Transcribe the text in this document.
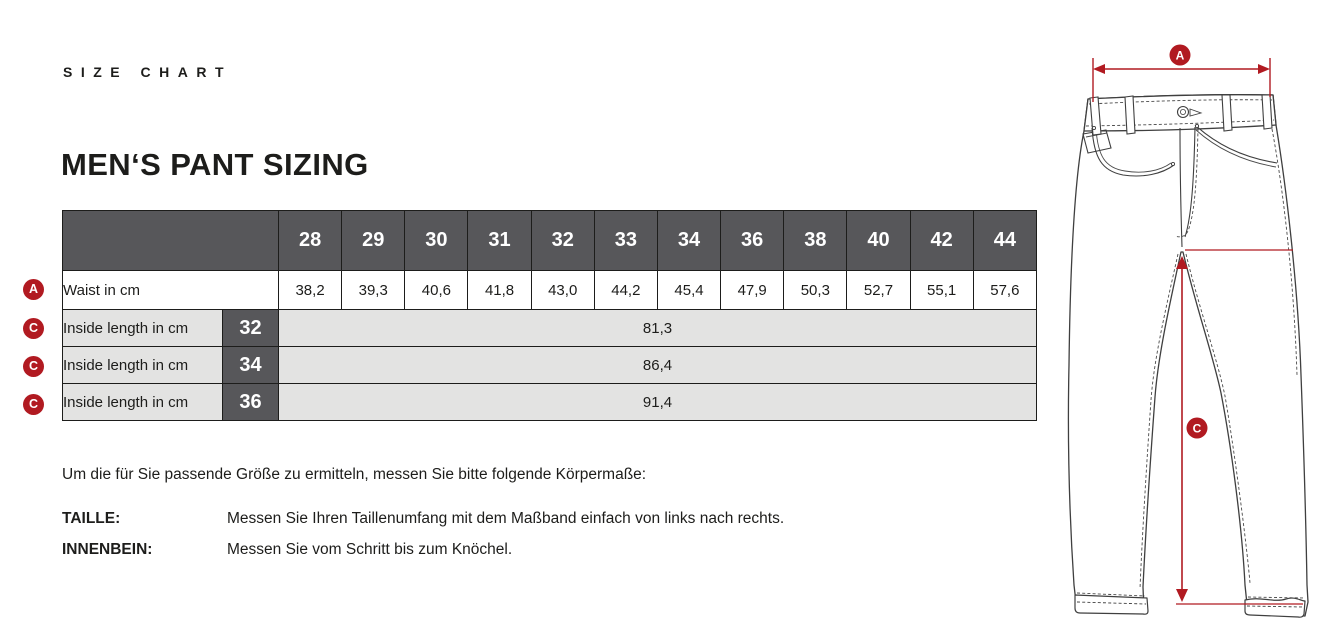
SIZE CHART
MEN‘S PANT SIZING
		28	29	30	31	32	33	34	36	38	40	42	44
Waist in cm		38,2	39,3	40,6	41,8	43,0	44,2	45,4	47,9	50,3	52,7	55,1	57,6
Inside length in cm	32	81,3											
Inside length in cm	34	86,4											
Inside length in cm	36	91,4											
A
C
C
C
Um die für Sie passende Größe zu ermitteln, messen Sie bitte folgende Körpermaße:
TAILLE:	Messen Sie Ihren Taillenumfang mit dem Maßband einfach von links nach rechts.
INNENBEIN:	Messen Sie vom Schritt bis zum Knöchel.
A
C
